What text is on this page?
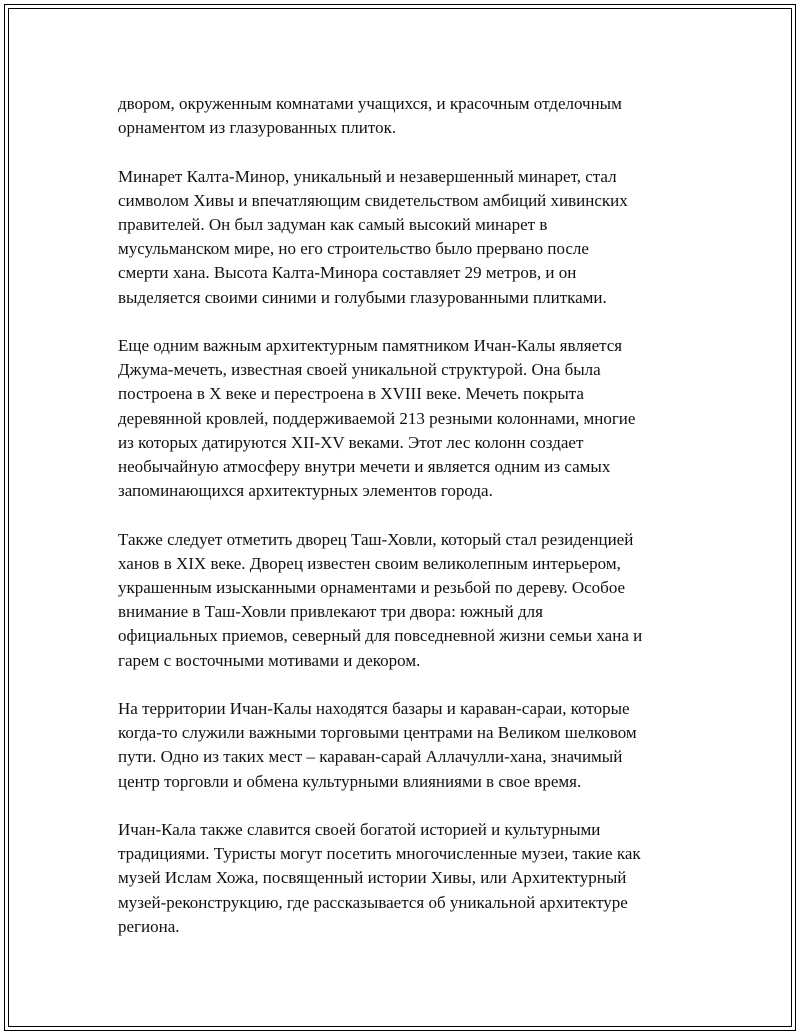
двором, окруженным комнатами учащихся, и красочным отделочным
орнаментом из глазурованных плиток.

Минарет Калта-Минор, уникальный и незавершенный минарет, стал
символом Хивы и впечатляющим свидетельством амбиций хивинских
правителей. Он был задуман как самый высокий минарет в
мусульманском мире, но его строительство было прервано после
смерти хана. Высота Калта-Минора составляет 29 метров, и он
выделяется своими синими и голубыми глазурованными плитками.

Еще одним важным архитектурным памятником Ичан-Калы является
Джума-мечеть, известная своей уникальной структурой. Она была
построена в X веке и перестроена в XVIII веке. Мечеть покрыта
деревянной кровлей, поддерживаемой 213 резными колоннами, многие
из которых датируются XII-XV веками. Этот лес колонн создает
необычайную атмосферу внутри мечети и является одним из самых
запоминающихся архитектурных элементов города.

Также следует отметить дворец Таш-Ховли, который стал резиденцией
ханов в XIX веке. Дворец известен своим великолепным интерьером,
украшенным изысканными орнаментами и резьбой по дереву. Особое
внимание в Таш-Ховли привлекают три двора: южный для
официальных приемов, северный для повседневной жизни семьи хана и
гарем с восточными мотивами и декором.

На территории Ичан-Калы находятся базары и караван-сараи, которые
когда-то служили важными торговыми центрами на Великом шелковом
пути. Одно из таких мест – караван-сарай Аллачулли-хана, значимый
центр торговли и обмена культурными влияниями в свое время.

Ичан-Кала также славится своей богатой историей и культурными
традициями. Туристы могут посетить многочисленные музеи, такие как
музей Ислам Хожа, посвященный истории Хивы, или Архитектурный
музей-реконструкцию, где рассказывается об уникальной архитектуре
региона.
